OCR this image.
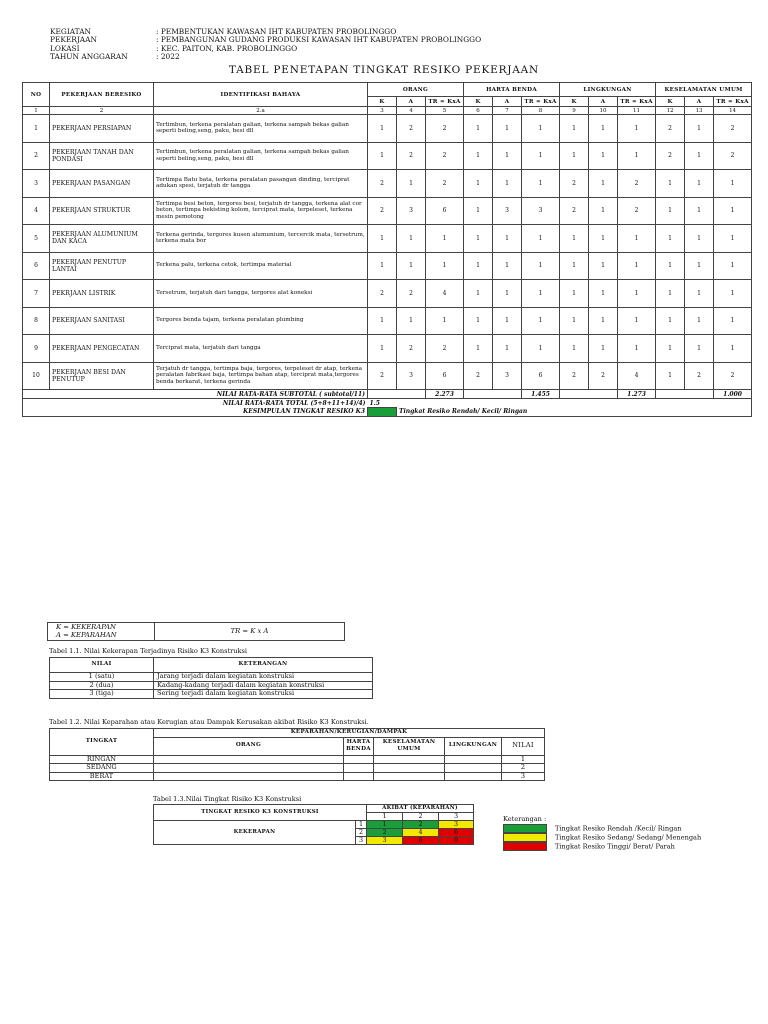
KEGIATAN	: PEMBENTUKAN KAWASAN IHT KABUPATEN PROBOLINGGO
PEKERJAAN	: PEMBANGUNAN GUDANG PRODUKSI KAWASAN IHT KABUPATEN PROBOLINGGO
LOKASI	: KEC. PAITON, KAB. PROBOLINGGO
TAHUN ANGGARAN	: 2022
TABEL PENETAPAN TINGKAT RESIKO PEKERJAAN
NO	PEKERJAAN BERESIKO	IDENTIFIKASI BAHAYA	ORANG			HARTA BENDA			LINGKUNGAN			KESELAMATAN UMUM		
			K	A	TR = KxA	K	A	TR = KxA	K	A	TR = KxA	K	A	TR = KxA
1	2	2.a	3	4	5	6	7	8	9	10	11	12	13	14
1	PEKERJAAN PERSIAPAN	Tertimbun, terkena peralatan galian, terkena sampah bekas galian seperti beling,seng, paku, besi dll	1	2	2	1	1	1	1	1	1	2	1	2
2	PEKERJAAN TANAH DAN PONDASI	Tertimbun, terkena peralatan galian, terkena sampah bekas galian seperti beling,seng, paku, besi dll	1	2	2	1	1	1	1	1	1	2	1	2
3	PEKERJAAN PASANGAN	Tertimpa Batu bata, terkena peralatan pasangan dinding, terciprat adukan spesi, terjatuh dr tangga	2	1	2	1	1	1	2	1	2	1	1	1
4	PEKERJAAN STRUKTUR	Tertimpa besi beton, tergores besi, terjatuh dr tangga, terkena alat cor beton, tertimpa bekisting kolom, terciprat mata, terpeleset, terkena mesin pemotong	2	3	6	1	3	3	2	1	2	1	1	1
5	PEKERJAAN ALUMUNIUM DAN KACA	Terkena gerinda, tergores kusen alumunium, tercercik mata, tersetrum, terkena mata bor	1	1	1	1	1	1	1	1	1	1	1	1
6	PEKERJAAN PENUTUP LANTAI	Terkena palu, terkena cetok, tertimpa material	1	1	1	1	1	1	1	1	1	1	1	1
7	PEKRJAAN LISTRIK	Tersetrum, terjatuh dari tangga, tergores alat koneksi	2	2	4	1	1	1	1	1	1	1	1	1
8	PEKERJAAN SANITASI	Tergores benda tajam, terkena peralatan plumbing	1	1	1	1	1	1	1	1	1	1	1	1
9	PEKERJAAN PENGECATAN	Terciprat mata, terjatuh dari tangga	1	2	2	1	1	1	1	1	1	1	1	1
10	PEKERJAAN BESI DAN PENUTUP	Terjatuh dr tangga, tertimpa baja, tergores, terpeleset dr atap, terkena peralatan fabrikasi baja, tertimpa bahan atap, terciprat mata,tergores benda berkarat, terkena gerinda	2	3	6	2	3	6	2	2	4	1	2	2
NILAI RATA-RATA SUBTOTAL ( subtotal/11)					2.273			1.455			1.273			1.000
NILAI RATA-RATA TOTAL (5+8+11+14)/4)			1.5											
KESIMPULAN TINGKAT RESIKO K3				Tingkat Resiko Rendah/ Kecil/ Ringan										
K = KEKERAPAN
A = KEPARAHAN	TR = K x A
Tabel 1.1. Nilai Kekerapan Terjadinya Risiko K3 Konstruksi
NILAI	KETERANGAN
1 (satu)	Jarang terjadi dalam kegiatan konstruksi
2 (dua)	Kadang-kadang terjadi dalam kegiatan konstruksi
3 (tiga)	Sering terjadi dalam kegiatan konstruksi
Tabel 1.2. Nilai Keparahan atau Kerugian atau Dampak Kerusakan akibat Risiko K3 Konstruksi.
TINGKAT	KEPARAHAN/KERUGIAN/DAMPAK				
	ORANG	HARTA BENDA	KESELAMATAN UMUM	LINGKUNGAN	NILAI
RINGAN					1
SEDANG					2
BERAT					3
Tabel 1.3.Nilai Tingkat Risiko K3 Konstruksi
TINGKAT RESIKO K3 KONSTRUKSI		AKIBAT (KEPARAHAN)		
		1	2	3
KEKERAPAN	1	1	2	3
	2	2	4	6
	3	3	6	9
Keterangan :
Tingkat Resiko Rendah /Kecil/ Ringan
Tingkat Resiko Sedang/ Sedang/ Menengah
Tingkat Resiko Tinggi/ Berat/ Parah
